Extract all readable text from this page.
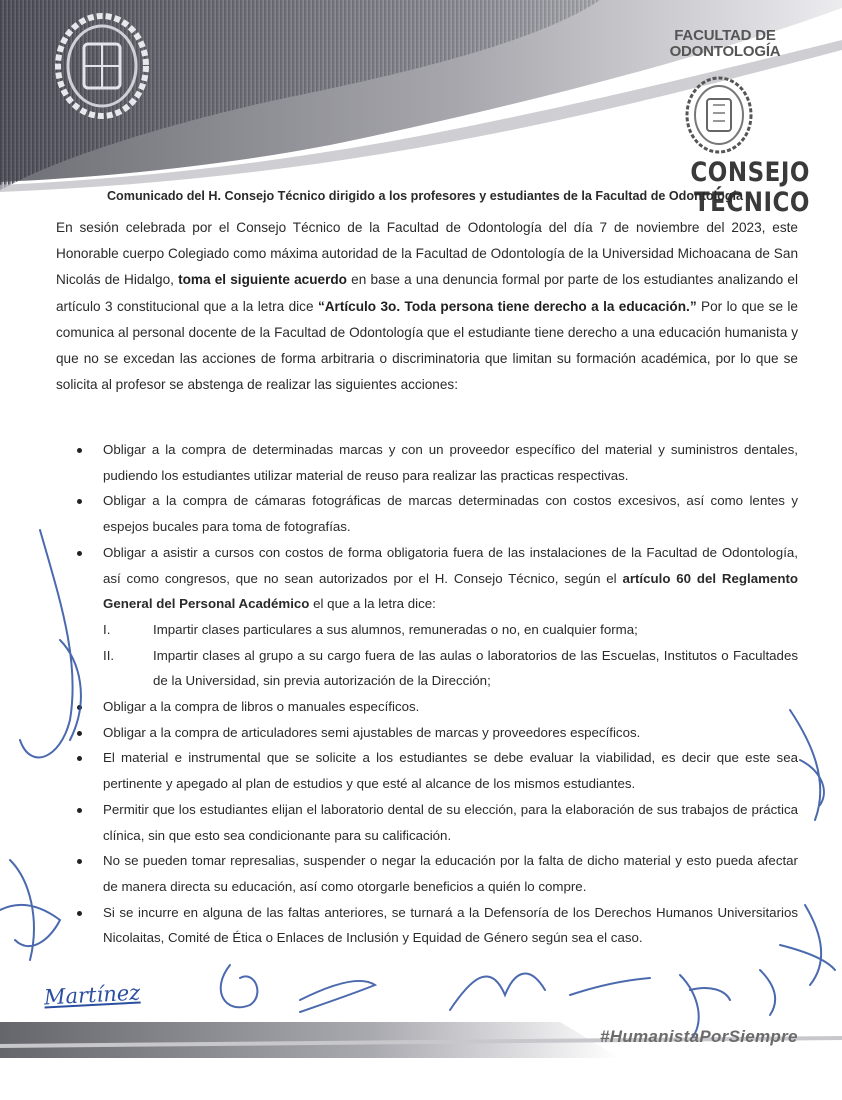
FACULTAD DE ODONTOLOGÍA
CONSEJO TÉCNICO
Comunicado del H. Consejo Técnico dirigido a los profesores y estudiantes de la Facultad de Odontología
En sesión celebrada por el Consejo Técnico de la Facultad de Odontología del día 7 de noviembre del 2023, este Honorable cuerpo Colegiado como máxima autoridad de la Facultad de Odontología de la Universidad Michoacana de San Nicolás de Hidalgo, toma el siguiente acuerdo en base a una denuncia formal por parte de los estudiantes analizando el artículo 3 constitucional que a la letra dice “Artículo 3o. Toda persona tiene derecho a la educación.” Por lo que se le comunica al personal docente de la Facultad de Odontología que el estudiante tiene derecho a una educación humanista y que no se excedan las acciones de forma arbitraria o discriminatoria que limitan su formación académica, por lo que se solicita al profesor se abstenga de realizar las siguientes acciones:
Obligar a la compra de determinadas marcas y con un proveedor específico del material y suministros dentales, pudiendo los estudiantes utilizar material de reuso para realizar las practicas respectivas.
Obligar a la compra de cámaras fotográficas de marcas determinadas con costos excesivos, así como lentes y espejos bucales para toma de fotografías.
Obligar a asistir a cursos con costos de forma obligatoria fuera de las instalaciones de la Facultad de Odontología, así como congresos, que no sean autorizados por el H. Consejo Técnico, según el artículo 60 del Reglamento General del Personal Académico el que a la letra dice:
I.	Impartir clases particulares a sus alumnos, remuneradas o no, en cualquier forma;
II.	Impartir clases al grupo a su cargo fuera de las aulas o laboratorios de las Escuelas, Institutos o Facultades de la Universidad, sin previa autorización de la Dirección;
Obligar a la compra de libros o manuales específicos.
Obligar a la compra de articuladores semi ajustables de marcas y proveedores específicos.
El material e instrumental que se solicite a los estudiantes se debe evaluar la viabilidad, es decir que este sea pertinente y apegado al plan de estudios y que esté al alcance de los mismos estudiantes.
Permitir que los estudiantes elijan el laboratorio dental de su elección, para la elaboración de sus trabajos de práctica clínica, sin que esto sea condicionante para su calificación.
No se pueden tomar represalias, suspender o negar la educación por la falta de dicho material y esto pueda afectar de manera directa su educación, así como otorgarle beneficios a quién lo compre.
Si se incurre en alguna de las faltas anteriores, se turnará a la Defensoría de los Derechos Humanos Universitarios Nicolaitas, Comité de Ética o Enlaces de Inclusión y Equidad de Género según sea el caso.
Martínez
#HumanistaPorSiempre
